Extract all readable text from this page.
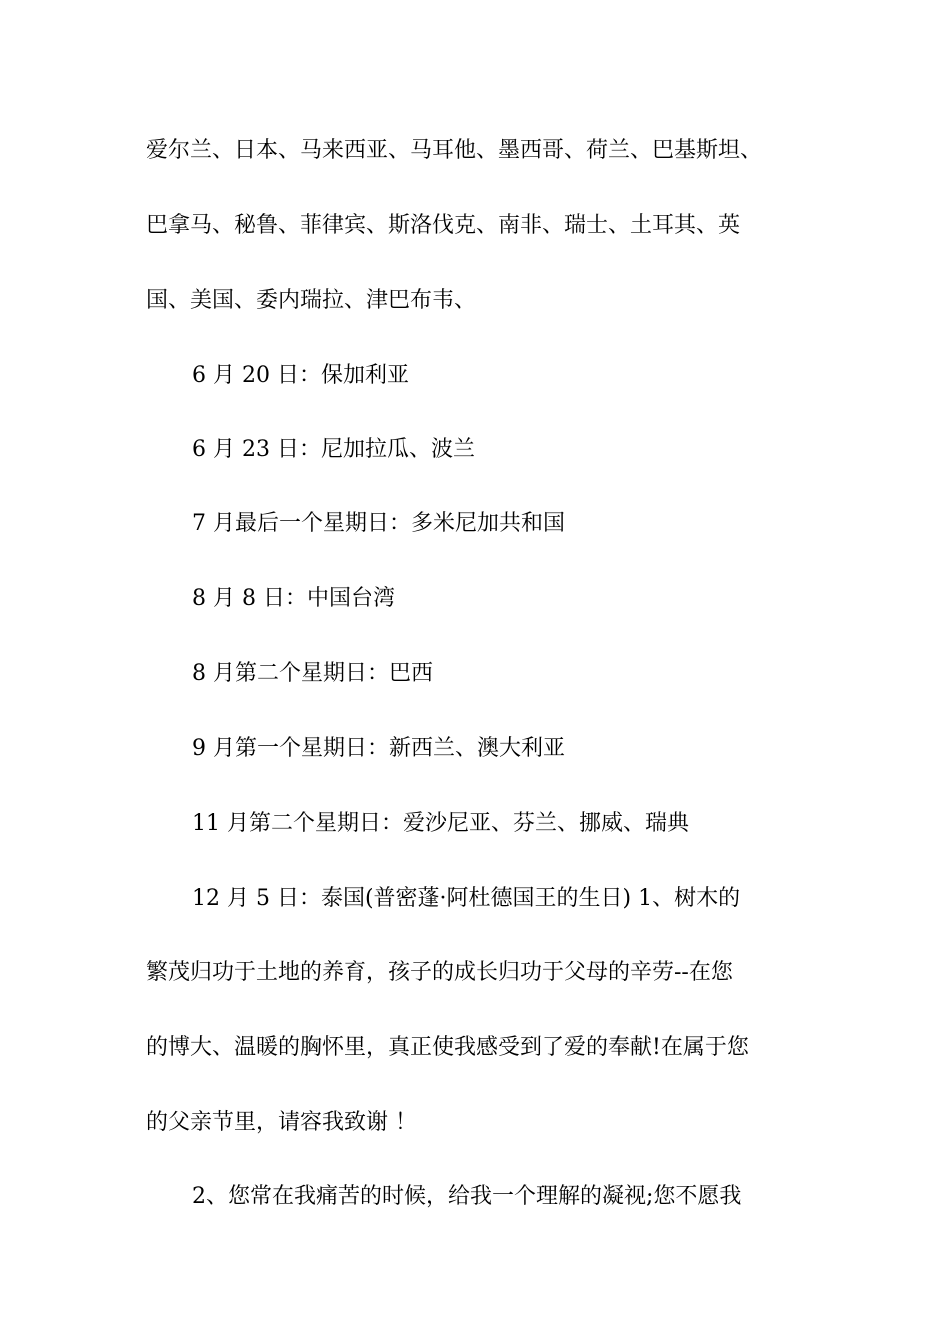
爱尔兰、日本、马来西亚、马耳他、墨西哥、荷兰、巴基斯坦、
巴拿马、秘鲁、菲律宾、斯洛伐克、南非、瑞士、土耳其、英
国、美国、委内瑞拉、津巴布韦、
6 月 20 日：保加利亚
6 月 23 日：尼加拉瓜、波兰
7 月最后一个星期日：多米尼加共和国
8 月 8 日：中国台湾
8 月第二个星期日：巴西
9 月第一个星期日：新西兰、澳大利亚
11 月第二个星期日：爱沙尼亚、芬兰、挪威、瑞典
12 月 5 日：泰国(普密蓬·阿杜德国王的生日) 1、树木的
繁茂归功于土地的养育，孩子的成长归功于父母的辛劳--在您
的博大、温暖的胸怀里，真正使我感受到了爱的奉献!在属于您
的父亲节里，请容我致谢 ！
2、您常在我痛苦的时候，给我一个理解的凝视;您不愿我
